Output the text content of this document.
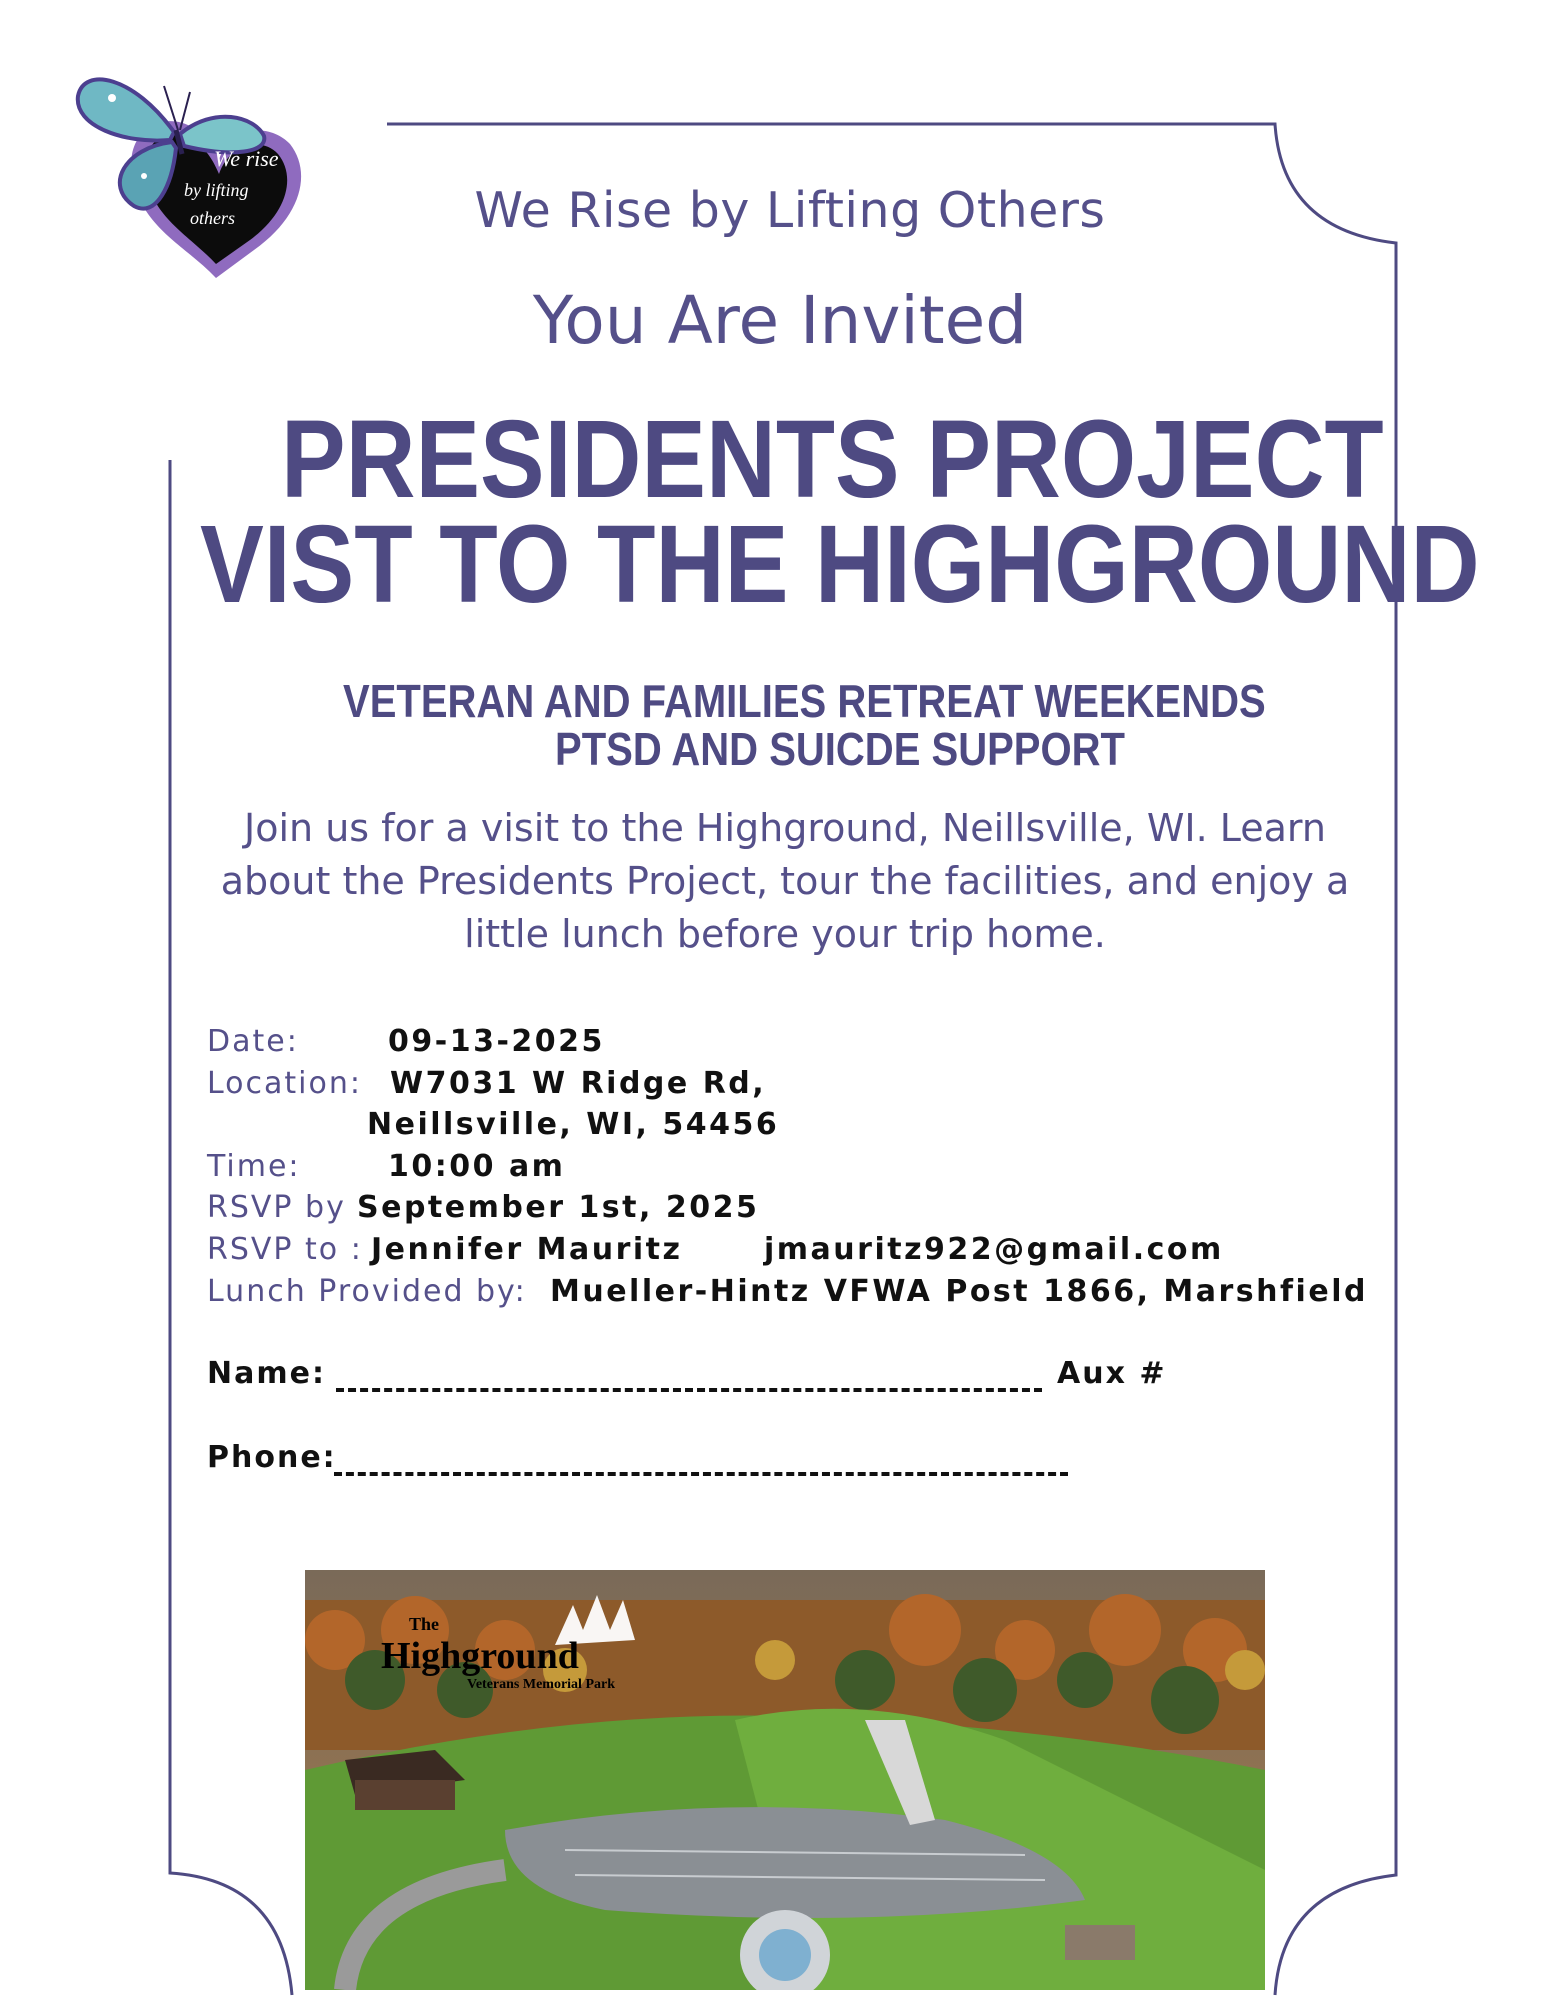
We rise
by lifting
others	We Rise by Lifting Others
You Are Invited
PRESIDENTS PROJECT
VIST TO THE HIGHGROUND
VETERAN AND FAMILIES RETREAT WEEKENDS
PTSD AND SUICDE SUPPORT
Join us for a visit to the Highground, Neillsville, WI. Learn
about the Presidents Project, tour the facilities, and enjoy a
little lunch before your trip home.
Date:	09-13-2025
Location: W7031 W Ridge Rd,
Neillsville, WI, 54456
Time:	10:00 am
RSVP by September 1st, 2025
RSVP to : Jennifer Mauritz	jmauritz922@gmail.com
Lunch Provided by: Mueller-Hintz VFWA Post 1866, Marshfield
Name:	Aux #
Phone:
The
Highground
Veterans Memorial Park
